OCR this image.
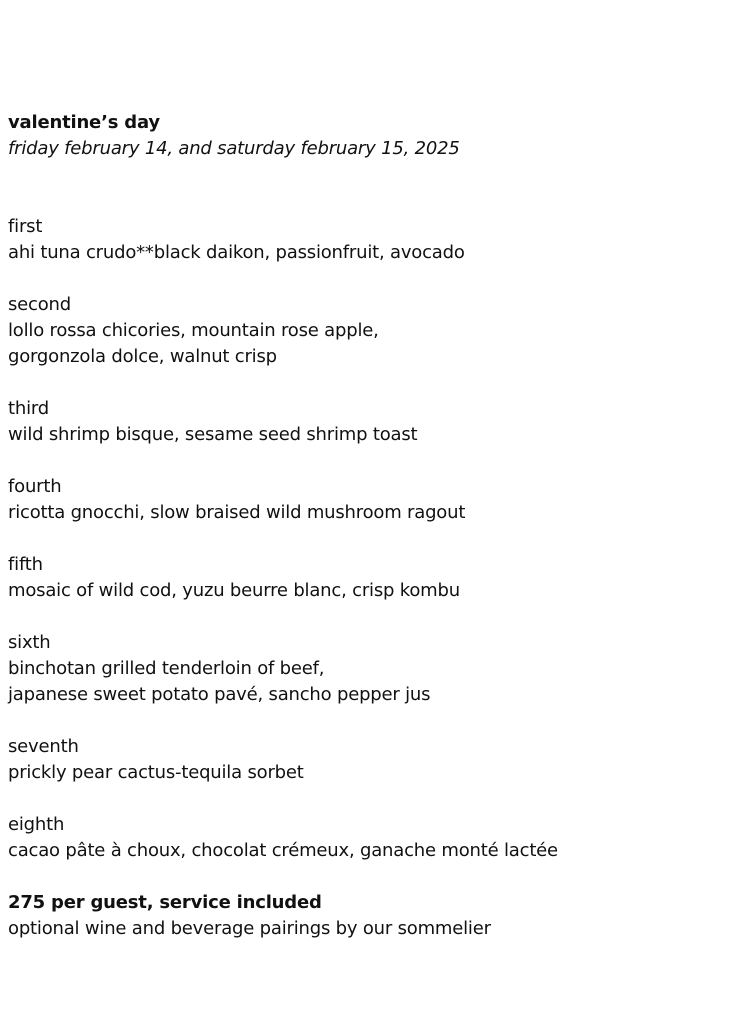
valentine’s day
friday february 14, and saturday february 15, 2025
first
ahi tuna crudo**black daikon, passionfruit, avocado
second
lollo rossa chicories, mountain rose apple,
gorgonzola dolce, walnut crisp
third
wild shrimp bisque, sesame seed shrimp toast
fourth
ricotta gnocchi, slow braised wild mushroom ragout
fifth
mosaic of wild cod, yuzu beurre blanc, crisp kombu
sixth
binchotan grilled tenderloin of beef,
japanese sweet potato pavé, sancho pepper jus
seventh
prickly pear cactus-tequila sorbet
eighth
cacao pâte à choux, chocolat crémeux, ganache monté lactée
275 per guest, service included
optional wine and beverage pairings by our sommelier
